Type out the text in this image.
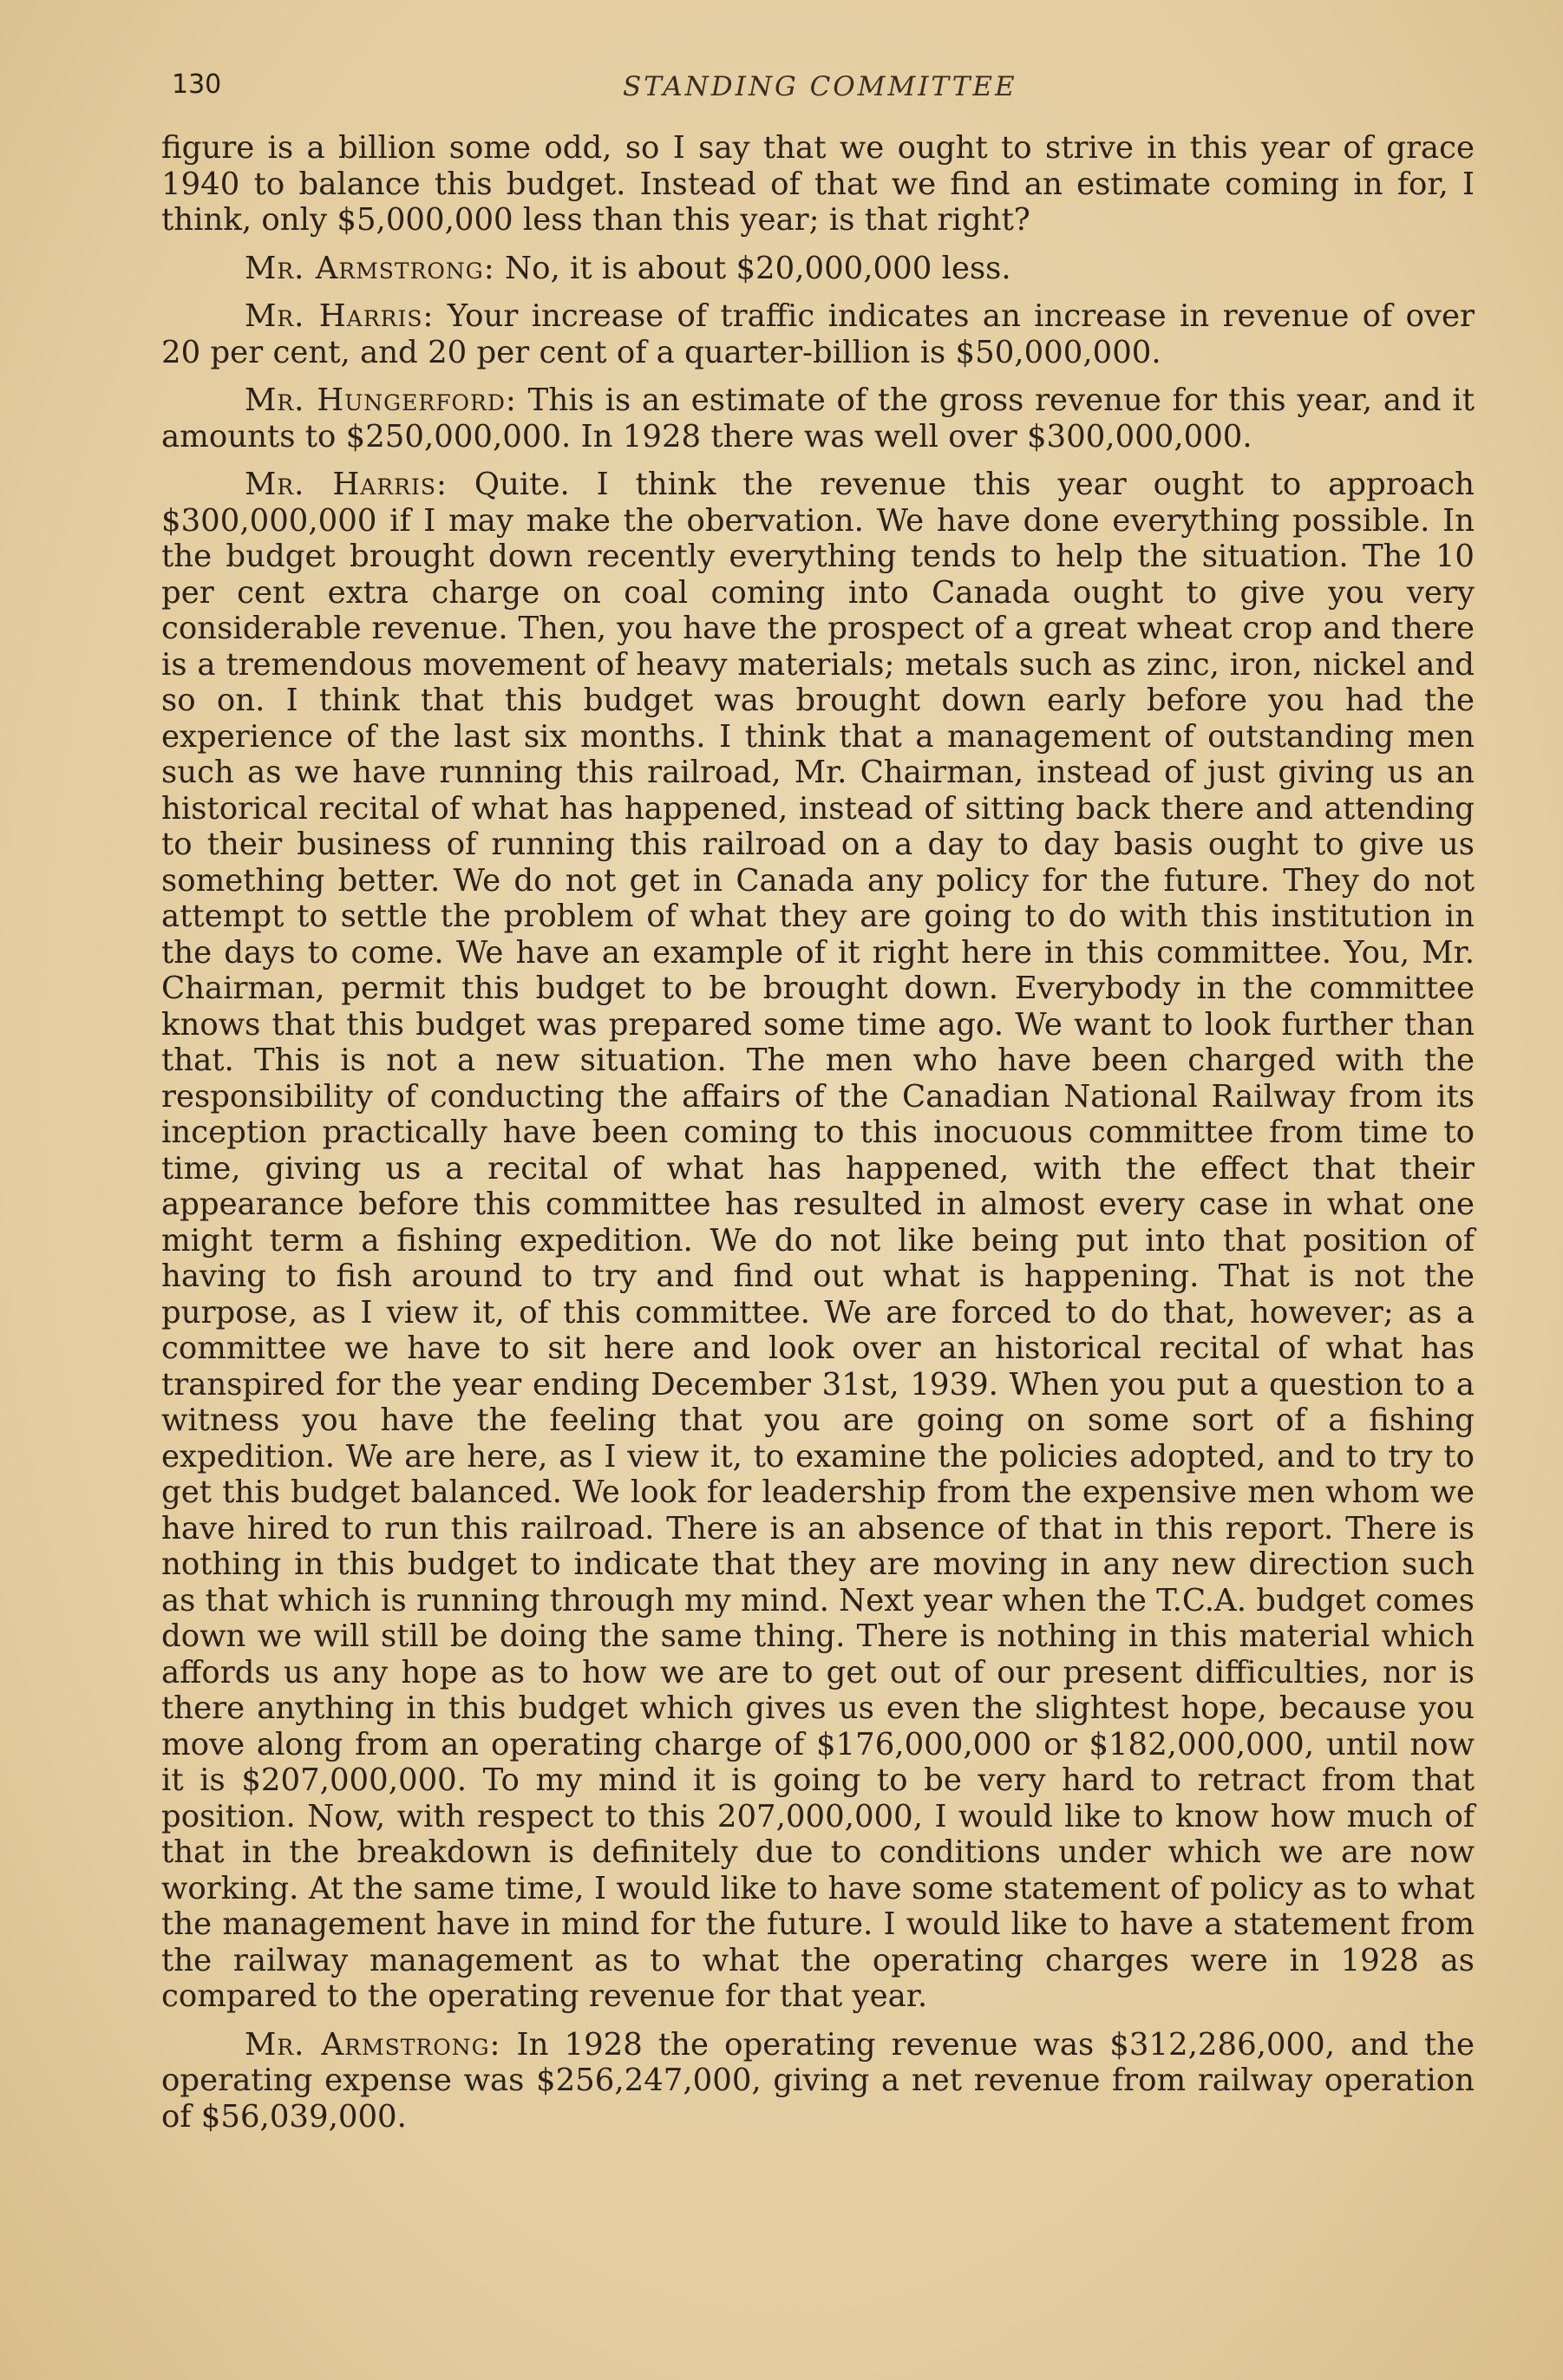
130	STANDING COMMITTEE

figure is a billion some odd, so I say that we ought to strive in this year of grace 1940 to balance this budget. Instead of that we find an estimate coming in for, I think, only $5,000,000 less than this year; is that right?

Mr. Armstrong: No, it is about $20,000,000 less.

Mr. Harris: Your increase of traffic indicates an increase in revenue of over 20 per cent, and 20 per cent of a quarter-billion is $50,000,000.

Mr. Hungerford: This is an estimate of the gross revenue for this year, and it amounts to $250,000,000. In 1928 there was well over $300,000,000.

Mr. Harris: Quite. I think the revenue this year ought to approach $300,000,000 if I may make the obervation. We have done everything possible. In the budget brought down recently everything tends to help the situation. The 10 per cent extra charge on coal coming into Canada ought to give you very considerable revenue. Then, you have the prospect of a great wheat crop and there is a tremendous movement of heavy materials; metals such as zinc, iron, nickel and so on. I think that this budget was brought down early before you had the experience of the last six months. I think that a management of outstanding men such as we have running this railroad, Mr. Chairman, instead of just giving us an historical recital of what has happened, instead of sitting back there and attending to their business of running this railroad on a day to day basis ought to give us something better. We do not get in Canada any policy for the future. They do not attempt to settle the problem of what they are going to do with this institution in the days to come. We have an example of it right here in this committee. You, Mr. Chairman, permit this budget to be brought down. Everybody in the committee knows that this budget was prepared some time ago. We want to look further than that. This is not a new situation. The men who have been charged with the responsibility of conducting the affairs of the Canadian National Railway from its inception practically have been coming to this inocuous committee from time to time, giving us a recital of what has happened, with the effect that their appearance before this committee has resulted in almost every case in what one might term a fishing expedition. We do not like being put into that position of having to fish around to try and find out what is happening. That is not the purpose, as I view it, of this committee. We are forced to do that, however; as a committee we have to sit here and look over an historical recital of what has transpired for the year ending December 31st, 1939. When you put a question to a witness you have the feeling that you are going on some sort of a fishing expedition. We are here, as I view it, to examine the policies adopted, and to try to get this budget balanced. We look for leadership from the expensive men whom we have hired to run this railroad. There is an absence of that in this report. There is nothing in this budget to indicate that they are moving in any new direction such as that which is running through my mind. Next year when the T.C.A. budget comes down we will still be doing the same thing. There is nothing in this material which affords us any hope as to how we are to get out of our present difficulties, nor is there anything in this budget which gives us even the slightest hope, because you move along from an operating charge of $176,000,000 or $182,000,000, until now it is $207,000,000. To my mind it is going to be very hard to retract from that position. Now, with respect to this 207,000,000, I would like to know how much of that in the breakdown is definitely due to conditions under which we are now working. At the same time, I would like to have some statement of policy as to what the management have in mind for the future. I would like to have a statement from the railway management as to what the operating charges were in 1928 as compared to the operating revenue for that year.

Mr. Armstrong: In 1928 the operating revenue was $312,286,000, and the operating expense was $256,247,000, giving a net revenue from railway operation of $56,039,000.
